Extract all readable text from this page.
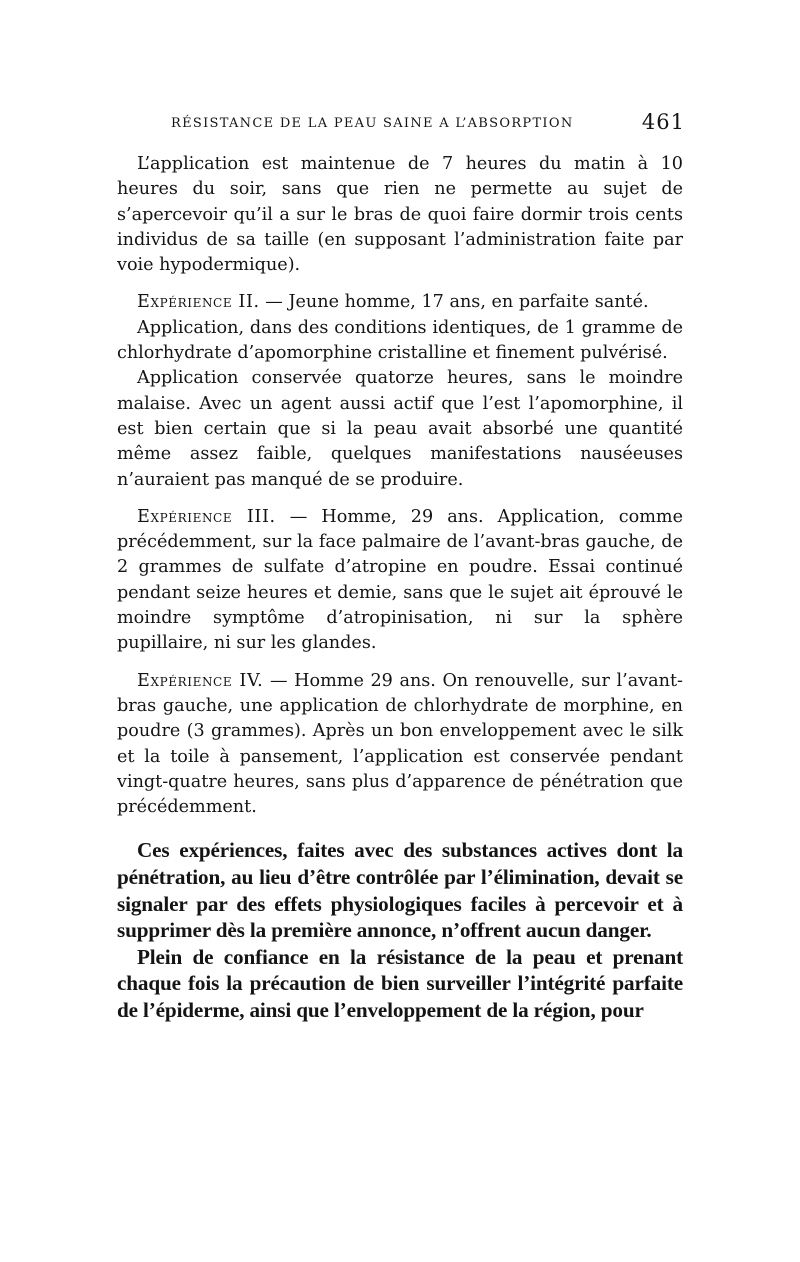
RÉSISTANCE DE LA PEAU SAINE A L’ABSORPTION	461

L’application est maintenue de 7 heures du matin à 10 heures du soir, sans que rien ne permette au sujet de s’apercevoir qu’il a sur le bras de quoi faire dormir trois cents individus de sa taille (en supposant l’administration faite par voie hypodermique).

Expérience II. — Jeune homme, 17 ans, en parfaite santé.

Application, dans des conditions identiques, de 1 gramme de chlorhydrate d’apomorphine cristalline et finement pulvérisé.

Application conservée quatorze heures, sans le moindre malaise. Avec un agent aussi actif que l’est l’apomorphine, il est bien certain que si la peau avait absorbé une quantité même assez faible, quelques manifestations nauséeuses n’auraient pas manqué de se produire.

Expérience III. — Homme, 29 ans. Application, comme précédemment, sur la face palmaire de l’avant-bras gauche, de 2 grammes de sulfate d’atropine en poudre. Essai continué pendant seize heures et demie, sans que le sujet ait éprouvé le moindre symptôme d’atropinisation, ni sur la sphère pupillaire, ni sur les glandes.

Expérience IV. — Homme 29 ans. On renouvelle, sur l’avant-bras gauche, une application de chlorhydrate de morphine, en poudre (3 grammes). Après un bon enveloppement avec le silk et la toile à pansement, l’application est conservée pendant vingt-quatre heures, sans plus d’apparence de pénétration que précédemment.

Ces expériences, faites avec des substances actives dont la pénétration, au lieu d’être contrôlée par l’élimination, devait se signaler par des effets physiologiques faciles à percevoir et à supprimer dès la première annonce, n’offrent aucun danger.

Plein de confiance en la résistance de la peau et prenant chaque fois la précaution de bien surveiller l’intégrité parfaite de l’épiderme, ainsi que l’enveloppement de la région, pour
